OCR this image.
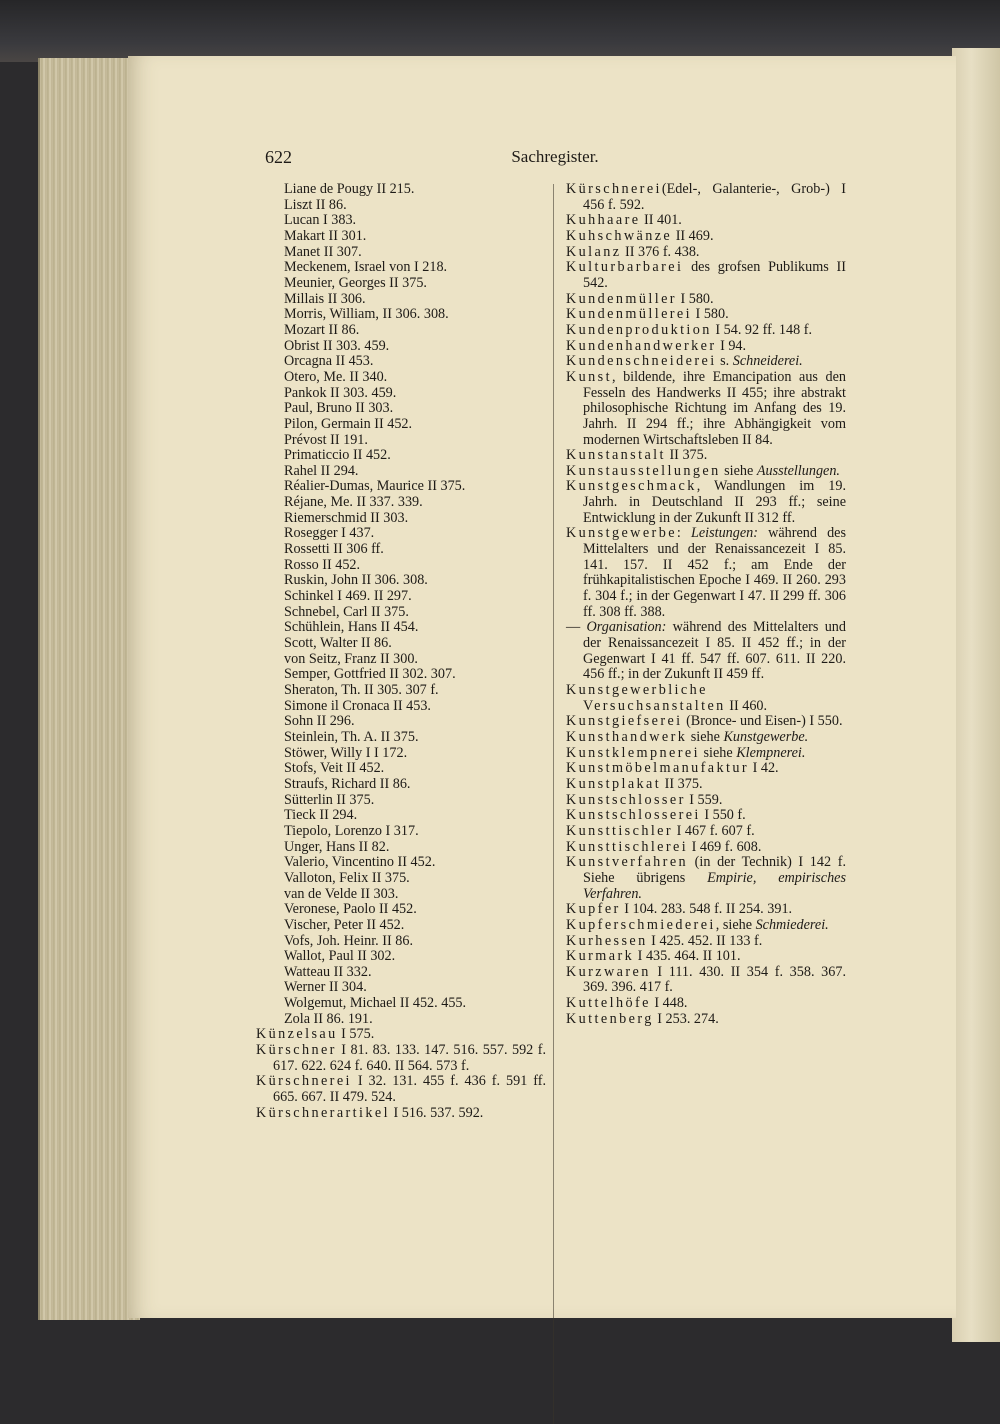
622	Sachregister.
Liane de Pougy II 215.
Liszt II 86.
Lucan I 383.
Makart II 301.
Manet II 307.
Meckenem, Israel von I 218.
Meunier, Georges II 375.
Millais II 306.
Morris, William, II 306. 308.
Mozart II 86.
Obrist II 303. 459.
Orcagna II 453.
Otero, Me. II 340.
Pankok II 303. 459.
Paul, Bruno II 303.
Pilon, Germain II 452.
Prévost II 191.
Primaticcio II 452.
Rahel II 294.
Réalier-Dumas, Maurice II 375.
Réjane, Me. II 337. 339.
Riemerschmid II 303.
Rosegger I 437.
Rossetti II 306 ff.
Rosso II 452.
Ruskin, John II 306. 308.
Schinkel I 469. II 297.
Schnebel, Carl II 375.
Schühlein, Hans II 454.
Scott, Walter II 86.
von Seitz, Franz II 300.
Semper, Gottfried II 302. 307.
Sheraton, Th. II 305. 307 f.
Simone il Cronaca II 453.
Sohn II 296.
Steinlein, Th. A. II 375.
Stöwer, Willy I I 172.
Stofs, Veit II 452.
Straufs, Richard II 86.
Sütterlin II 375.
Tieck II 294.
Tiepolo, Lorenzo I 317.
Unger, Hans II 82.
Valerio, Vincentino II 452.
Valloton, Felix II 375.
van de Velde II 303.
Veronese, Paolo II 452.
Vischer, Peter II 452.
Vofs, Joh. Heinr. II 86.
Wallot, Paul II 302.
Watteau II 332.
Werner II 304.
Wolgemut, Michael II 452. 455.
Zola II 86. 191.
Künzelsau I 575.
Kürschner I 81. 83. 133. 147. 516. 557. 592 f. 617. 622. 624 f. 640. II 564. 573 f.
Kürschnerei I 32. 131. 455 f. 436 f. 591 ff. 665. 667. II 479. 524.
Kürschnerartikel I 516. 537. 592.
Kürschnerei(Edel-, Galanterie-, Grob-) I 456 f. 592.
Kuhhaare II 401.
Kuhschwänze II 469.
Kulanz II 376 f. 438.
Kulturbarbarei des grofsen Publikums II 542.
Kundenmüller I 580.
Kundenmüllerei I 580.
Kundenproduktion I 54. 92 ff. 148 f.
Kundenhandwerker I 94.
Kundenschneiderei s. Schneiderei.
Kunst, bildende, ihre Emancipation aus den Fesseln des Handwerks II 455; ihre abstrakt philosophische Richtung im Anfang des 19. Jahrh. II 294 ff.; ihre Abhängigkeit vom modernen Wirtschaftsleben II 84.
Kunstanstalt II 375.
Kunstausstellungen siehe Ausstellungen.
Kunstgeschmack, Wandlungen im 19. Jahrh. in Deutschland II 293 ff.; seine Entwicklung in der Zukunft II 312 ff.
Kunstgewerbe: Leistungen: während des Mittelalters und der Renaissancezeit I 85. 141. 157. II 452 f.; am Ende der frühkapitalistischen Epoche I 469. II 260. 293 f. 304 f.; in der Gegenwart I 47. II 299 ff. 306 ff. 308 ff. 388.
— Organisation: während des Mittelalters und der Renaissancezeit I 85. II 452 ff.; in der Gegenwart I 41 ff. 547 ff. 607. 611. II 220. 456 ff.; in der Zukunft II 459 ff.
Kunstgewerbliche Versuchsanstalten II 460.
Kunstgiefserei (Bronce- und Eisen-) I 550.
Kunsthandwerk siehe Kunstgewerbe.
Kunstklempnerei siehe Klempnerei.
Kunstmöbelmanufaktur I 42.
Kunstplakat II 375.
Kunstschlosser I 559.
Kunstschlosserei I 550 f.
Kunsttischler I 467 f. 607 f.
Kunsttischlerei I 469 f. 608.
Kunstverfahren (in der Technik) I 142 f. Siehe übrigens Empirie, empirisches Verfahren.
Kupfer I 104. 283. 548 f. II 254. 391.
Kupferschmiederei, siehe Schmiederei.
Kurhessen I 425. 452. II 133 f.
Kurmark I 435. 464. II 101.
Kurzwaren I 111. 430. II 354 f. 358. 367. 369. 396. 417 f.
Kuttelhöfe I 448.
Kuttenberg I 253. 274.
